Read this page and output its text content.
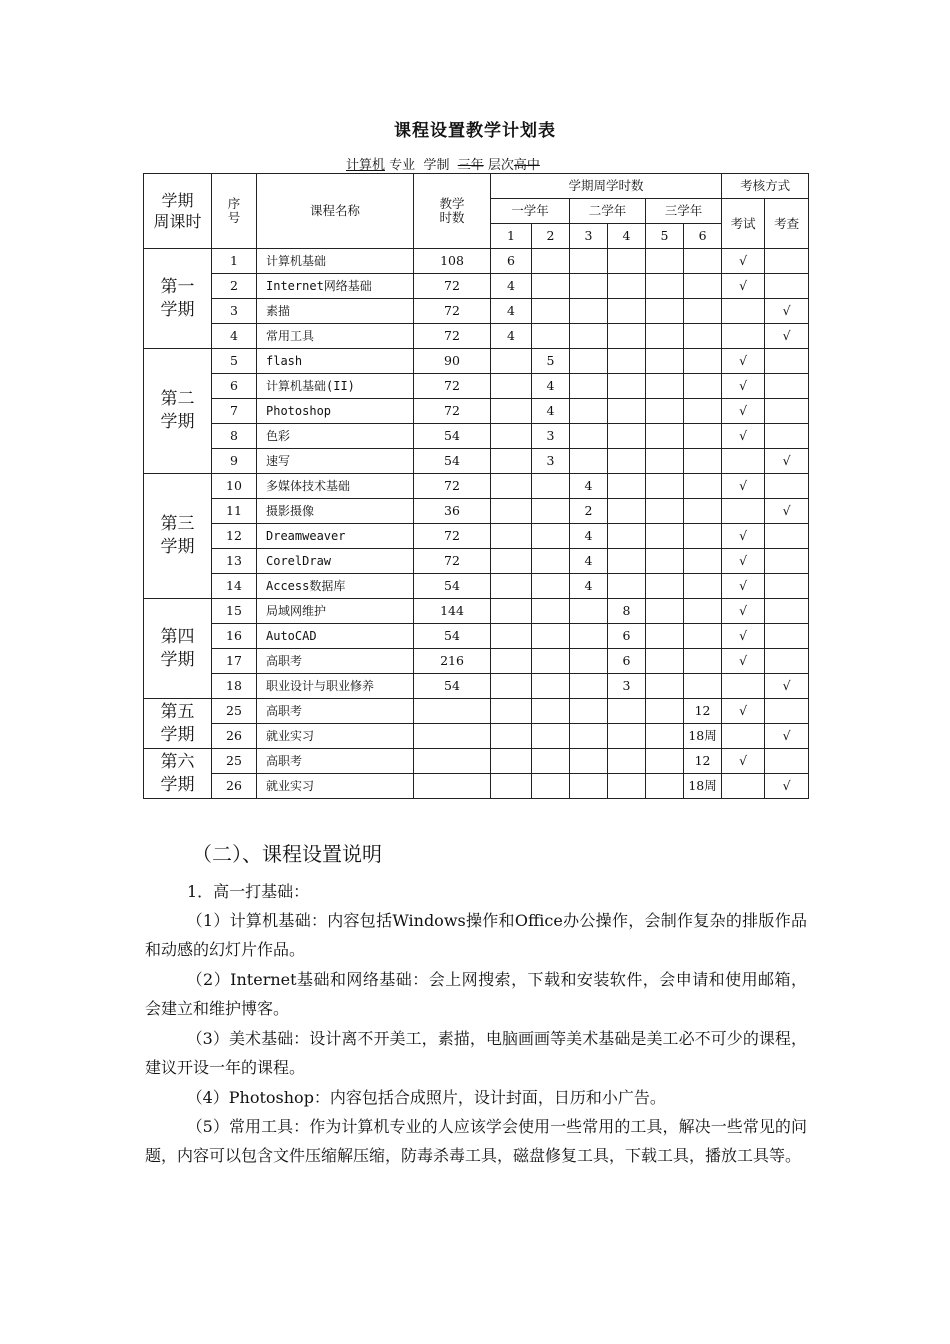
课程设置教学计划表
计算机 专业 学制 三年 层次高中
学期
周课时	序
号	课程名称	教学
时数	学期周学时数						考核方式	
				一学年		二学年		三学年		考试	考查
				1	2	3	4	5	6		
第一
学期	1	计算机基础	108	6						√	
	2	Internet网络基础	72	4						√	
	3	素描	72	4							√
	4	常用工具	72	4							√
第二
学期	5	flash	90		5					√	
	6	计算机基础(II)	72		4					√	
	7	Photoshop	72		4					√	
	8	色彩	54		3					√	
	9	速写	54		3						√
第三
学期	10	多媒体技术基础	72			4				√	
	11	摄影摄像	36			2					√
	12	Dreamweaver	72			4				√	
	13	CorelDraw	72			4				√	
	14	Access数据库	54			4				√	
第四
学期	15	局域网维护	144				8			√	
	16	AutoCAD	54				6			√	
	17	高职考	216				6			√	
	18	职业设计与职业修养	54				3				√
第五
学期	25	高职考							12	√	
	26	就业实习							18周		√
第六
学期	25	高职考							12	√	
	26	就业实习							18周		√
（二）、课程设置说明
1．高一打基础：
（1）计算机基础：内容包括Windows操作和Office办公操作，会制作复杂的排版作品和动感的幻灯片作品。
（2）Internet基础和网络基础：会上网搜索，下载和安装软件，会申请和使用邮箱，会建立和维护博客。
（3）美术基础：设计离不开美工，素描，电脑画画等美术基础是美工必不可少的课程，建议开设一年的课程。
（4）Photoshop：内容包括合成照片，设计封面，日历和小广告。
（5）常用工具：作为计算机专业的人应该学会使用一些常用的工具，解决一些常见的问题，内容可以包含文件压缩解压缩，防毒杀毒工具，磁盘修复工具，下载工具，播放工具等。
